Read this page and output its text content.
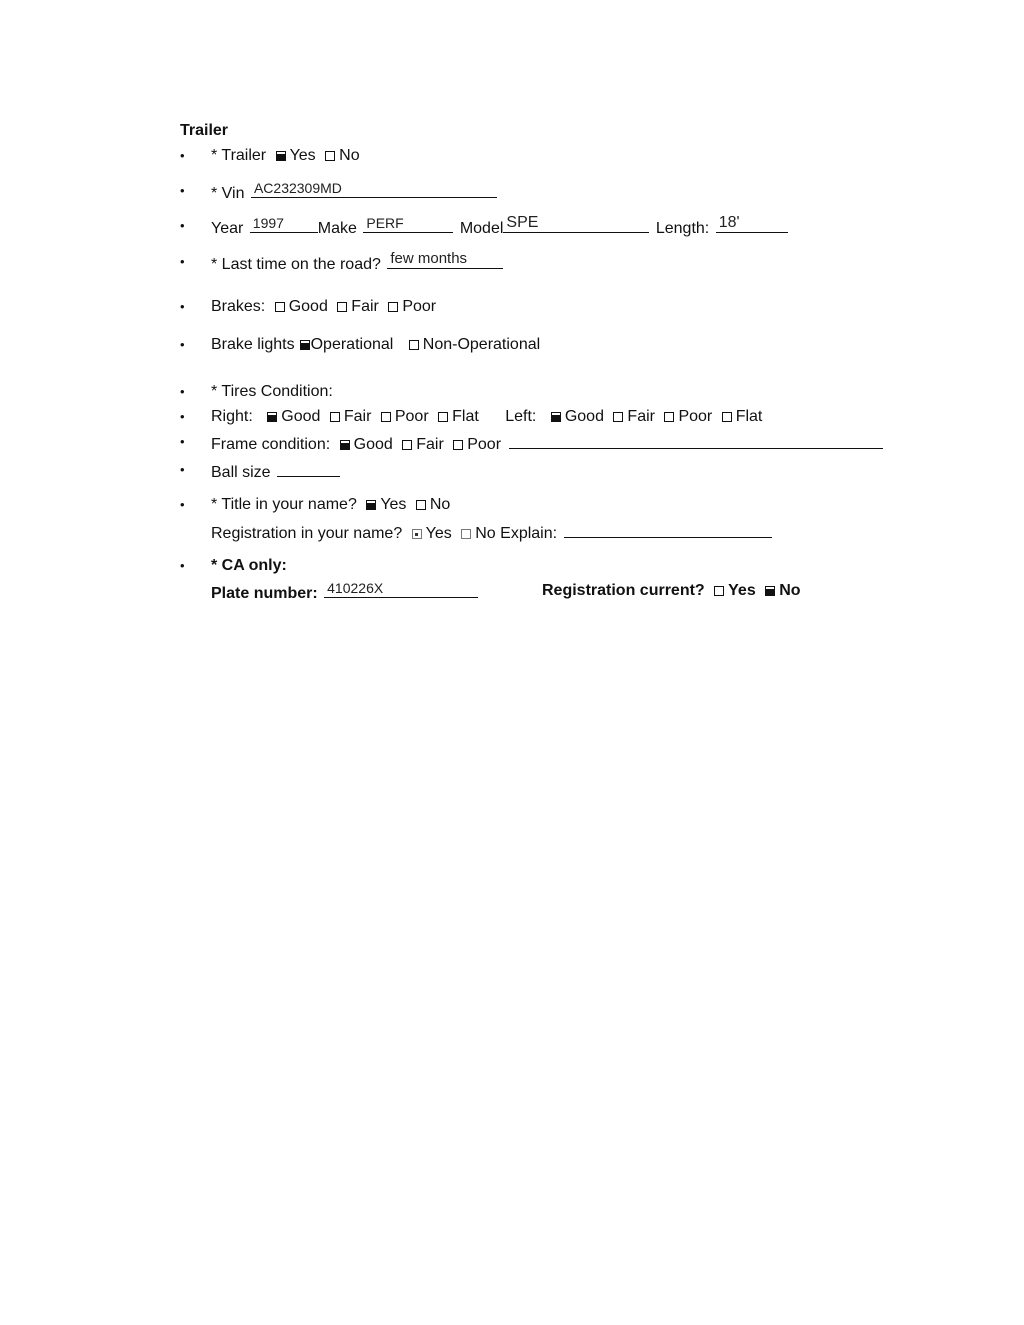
Trailer
•	* Trailer Yes No
•	* Vin AC232309MD
•	Year 1997 Make PERF	Model SPE	Length: 18'
•	* Last time on the road? few months
•	Brakes: Good Fair Poor
•	Brake lights Operational Non-Operational
•	* Tires Condition:
•	Right: Good Fair Poor Flat Left: Good Fair Poor Flat
•	Frame condition: Good Fair Poor
•	Ball size
•	* Title in your name? Yes No
Registration in your name? Yes No Explain:
•	* CA only:
Plate number: 410226X	Registration current? Yes No
